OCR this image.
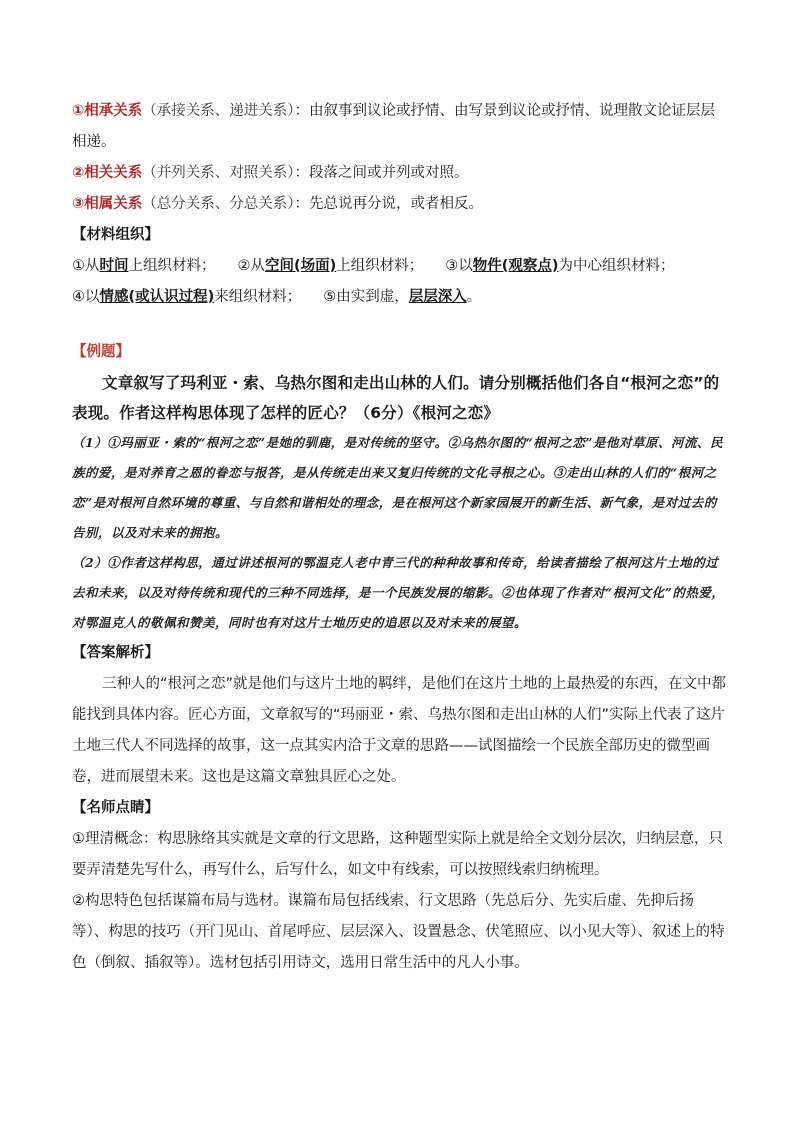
①相承关系（承接关系、递进关系）：由叙事到议论或抒情、由写景到议论或抒情、说理散文论证层层相递。
②相关关系（并列关系、对照关系）：段落之间或并列或对照。
③相属关系（总分关系、分总关系）：先总说再分说，或者相反。
【材料组织】
①从时间上组织材料； ②从空间(场面)上组织材料； ③以物件(观察点)为中心组织材料；
④以情感(或认识过程)来组织材料； ⑤由实到虚，层层深入。
【例题】
文章叙写了玛利亚・索、乌热尔图和走出山林的人们。请分别概括他们各自“根河之恋”的表现。作者这样构思体现了怎样的匠心？（6分）《根河之恋》
（1）①玛丽亚・索的“根河之恋”是她的驯鹿，是对传统的坚守。②乌热尔图的“根河之恋”是他对草原、河流、民族的爱，是对养育之恩的眷恋与报答，是从传统走出来又复归传统的文化寻根之心。③走出山林的人们的“根河之恋”是对根河自然环境的尊重、与自然和谐相处的理念，是在根河这个新家园展开的新生活、新气象，是对过去的告别，以及对未来的拥抱。
（2）①作者这样构思，通过讲述根河的鄂温克人老中青三代的种种故事和传奇，给读者描绘了根河这片土地的过去和未来，以及对待传统和现代的三种不同选择，是一个民族发展的缩影。②也体现了作者对“根河文化”的热爱，对鄂温克人的敬佩和赞美，同时也有对这片土地历史的追思以及对未来的展望。
【答案解析】
三种人的“根河之恋”就是他们与这片土地的羁绊，是他们在这片土地的上最热爱的东西，在文中都能找到具体内容。匠心方面，文章叙写的“玛丽亚・索、乌热尔图和走出山林的人们”实际上代表了这片土地三代人不同选择的故事，这一点其实内洽于文章的思路——试图描绘一个民族全部历史的微型画卷，进而展望未来。这也是这篇文章独具匠心之处。
【名师点睛】
①理清概念：构思脉络其实就是文章的行文思路，这种题型实际上就是给全文划分层次，归纳层意，只要弄清楚先写什么，再写什么，后写什么，如文中有线索，可以按照线索归纳梳理。
②构思特色包括谋篇布局与选材。谋篇布局包括线索、行文思路（先总后分、先实后虚、先抑后扬等）、构思的技巧（开门见山、首尾呼应、层层深入、设置悬念、伏笔照应、以小见大等）、叙述上的特色（倒叙、插叙等）。选材包括引用诗文，选用日常生活中的凡人小事。
